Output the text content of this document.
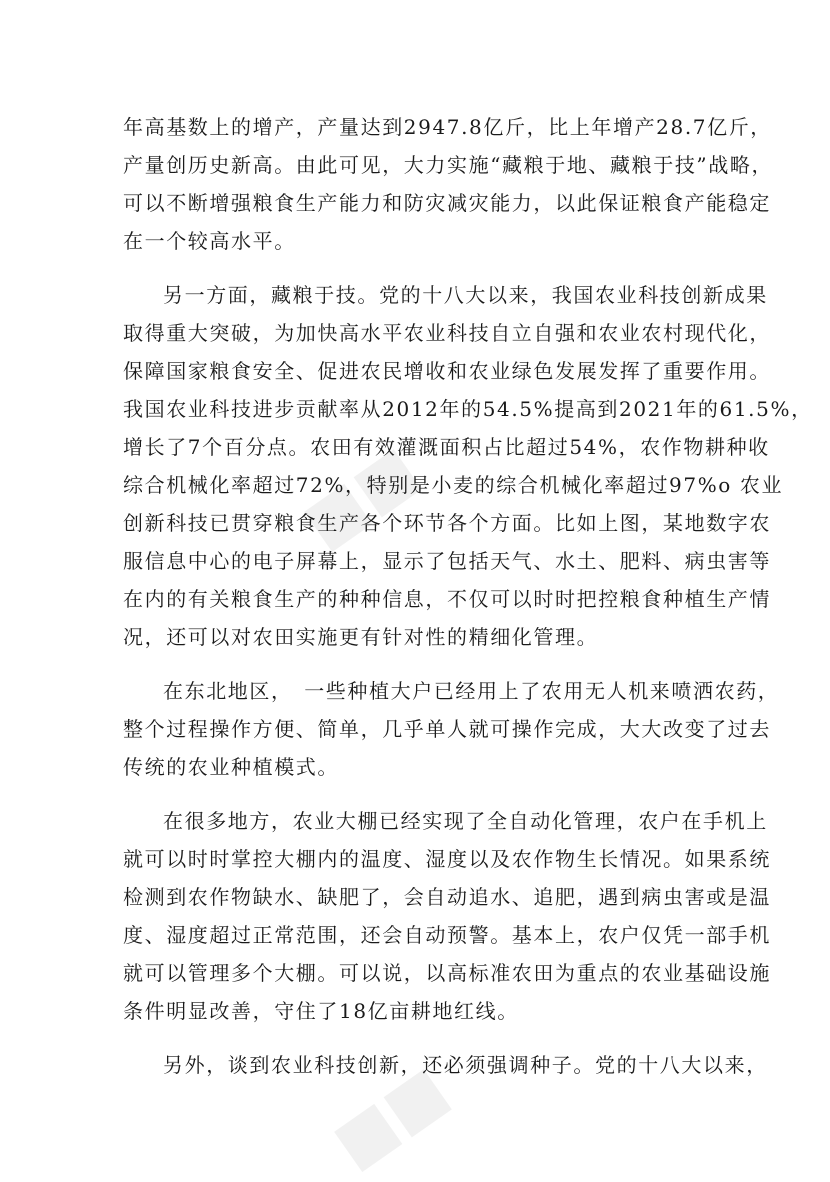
■■
■■
年高基数上的增产，产量达到2947.8亿斤，比上年增产28.7亿斤，
产量创历史新高。由此可见，大力实施“藏粮于地、藏粮于技”战略，
可以不断增强粮食生产能力和防灾减灾能力，以此保证粮食产能稳定
在一个较高水平。
另一方面，藏粮于技。党的十八大以来，我国农业科技创新成果
取得重大突破，为加快高水平农业科技自立自强和农业农村现代化，
保障国家粮食安全、促进农民增收和农业绿色发展发挥了重要作用。
我国农业科技进步贡献率从2012年的54.5%提高到2021年的61.5%，
增长了7个百分点。农田有效灌溉面积占比超过54%，农作物耕种收
综合机械化率超过72%，特别是小麦的综合机械化率超过97%o 农业
创新科技已贯穿粮食生产各个环节各个方面。比如上图，某地数字农
服信息中心的电子屏幕上，显示了包括天气、水土、肥料、病虫害等
在内的有关粮食生产的种种信息，不仅可以时时把控粮食种植生产情
况，还可以对农田实施更有针对性的精细化管理。
在东北地区，　一些种植大户已经用上了农用无人机来喷洒农药，
整个过程操作方便、简单，几乎单人就可操作完成，大大改变了过去
传统的农业种植模式。
在很多地方，农业大棚已经实现了全自动化管理，农户在手机上
就可以时时掌控大棚内的温度、湿度以及农作物生长情况。如果系统
检测到农作物缺水、缺肥了，会自动追水、追肥，遇到病虫害或是温
度、湿度超过正常范围，还会自动预警。基本上，农户仅凭一部手机
就可以管理多个大棚。可以说，以高标准农田为重点的农业基础设施
条件明显改善，守住了18亿亩耕地红线。
另外，谈到农业科技创新，还必须强调种子。党的十八大以来，
